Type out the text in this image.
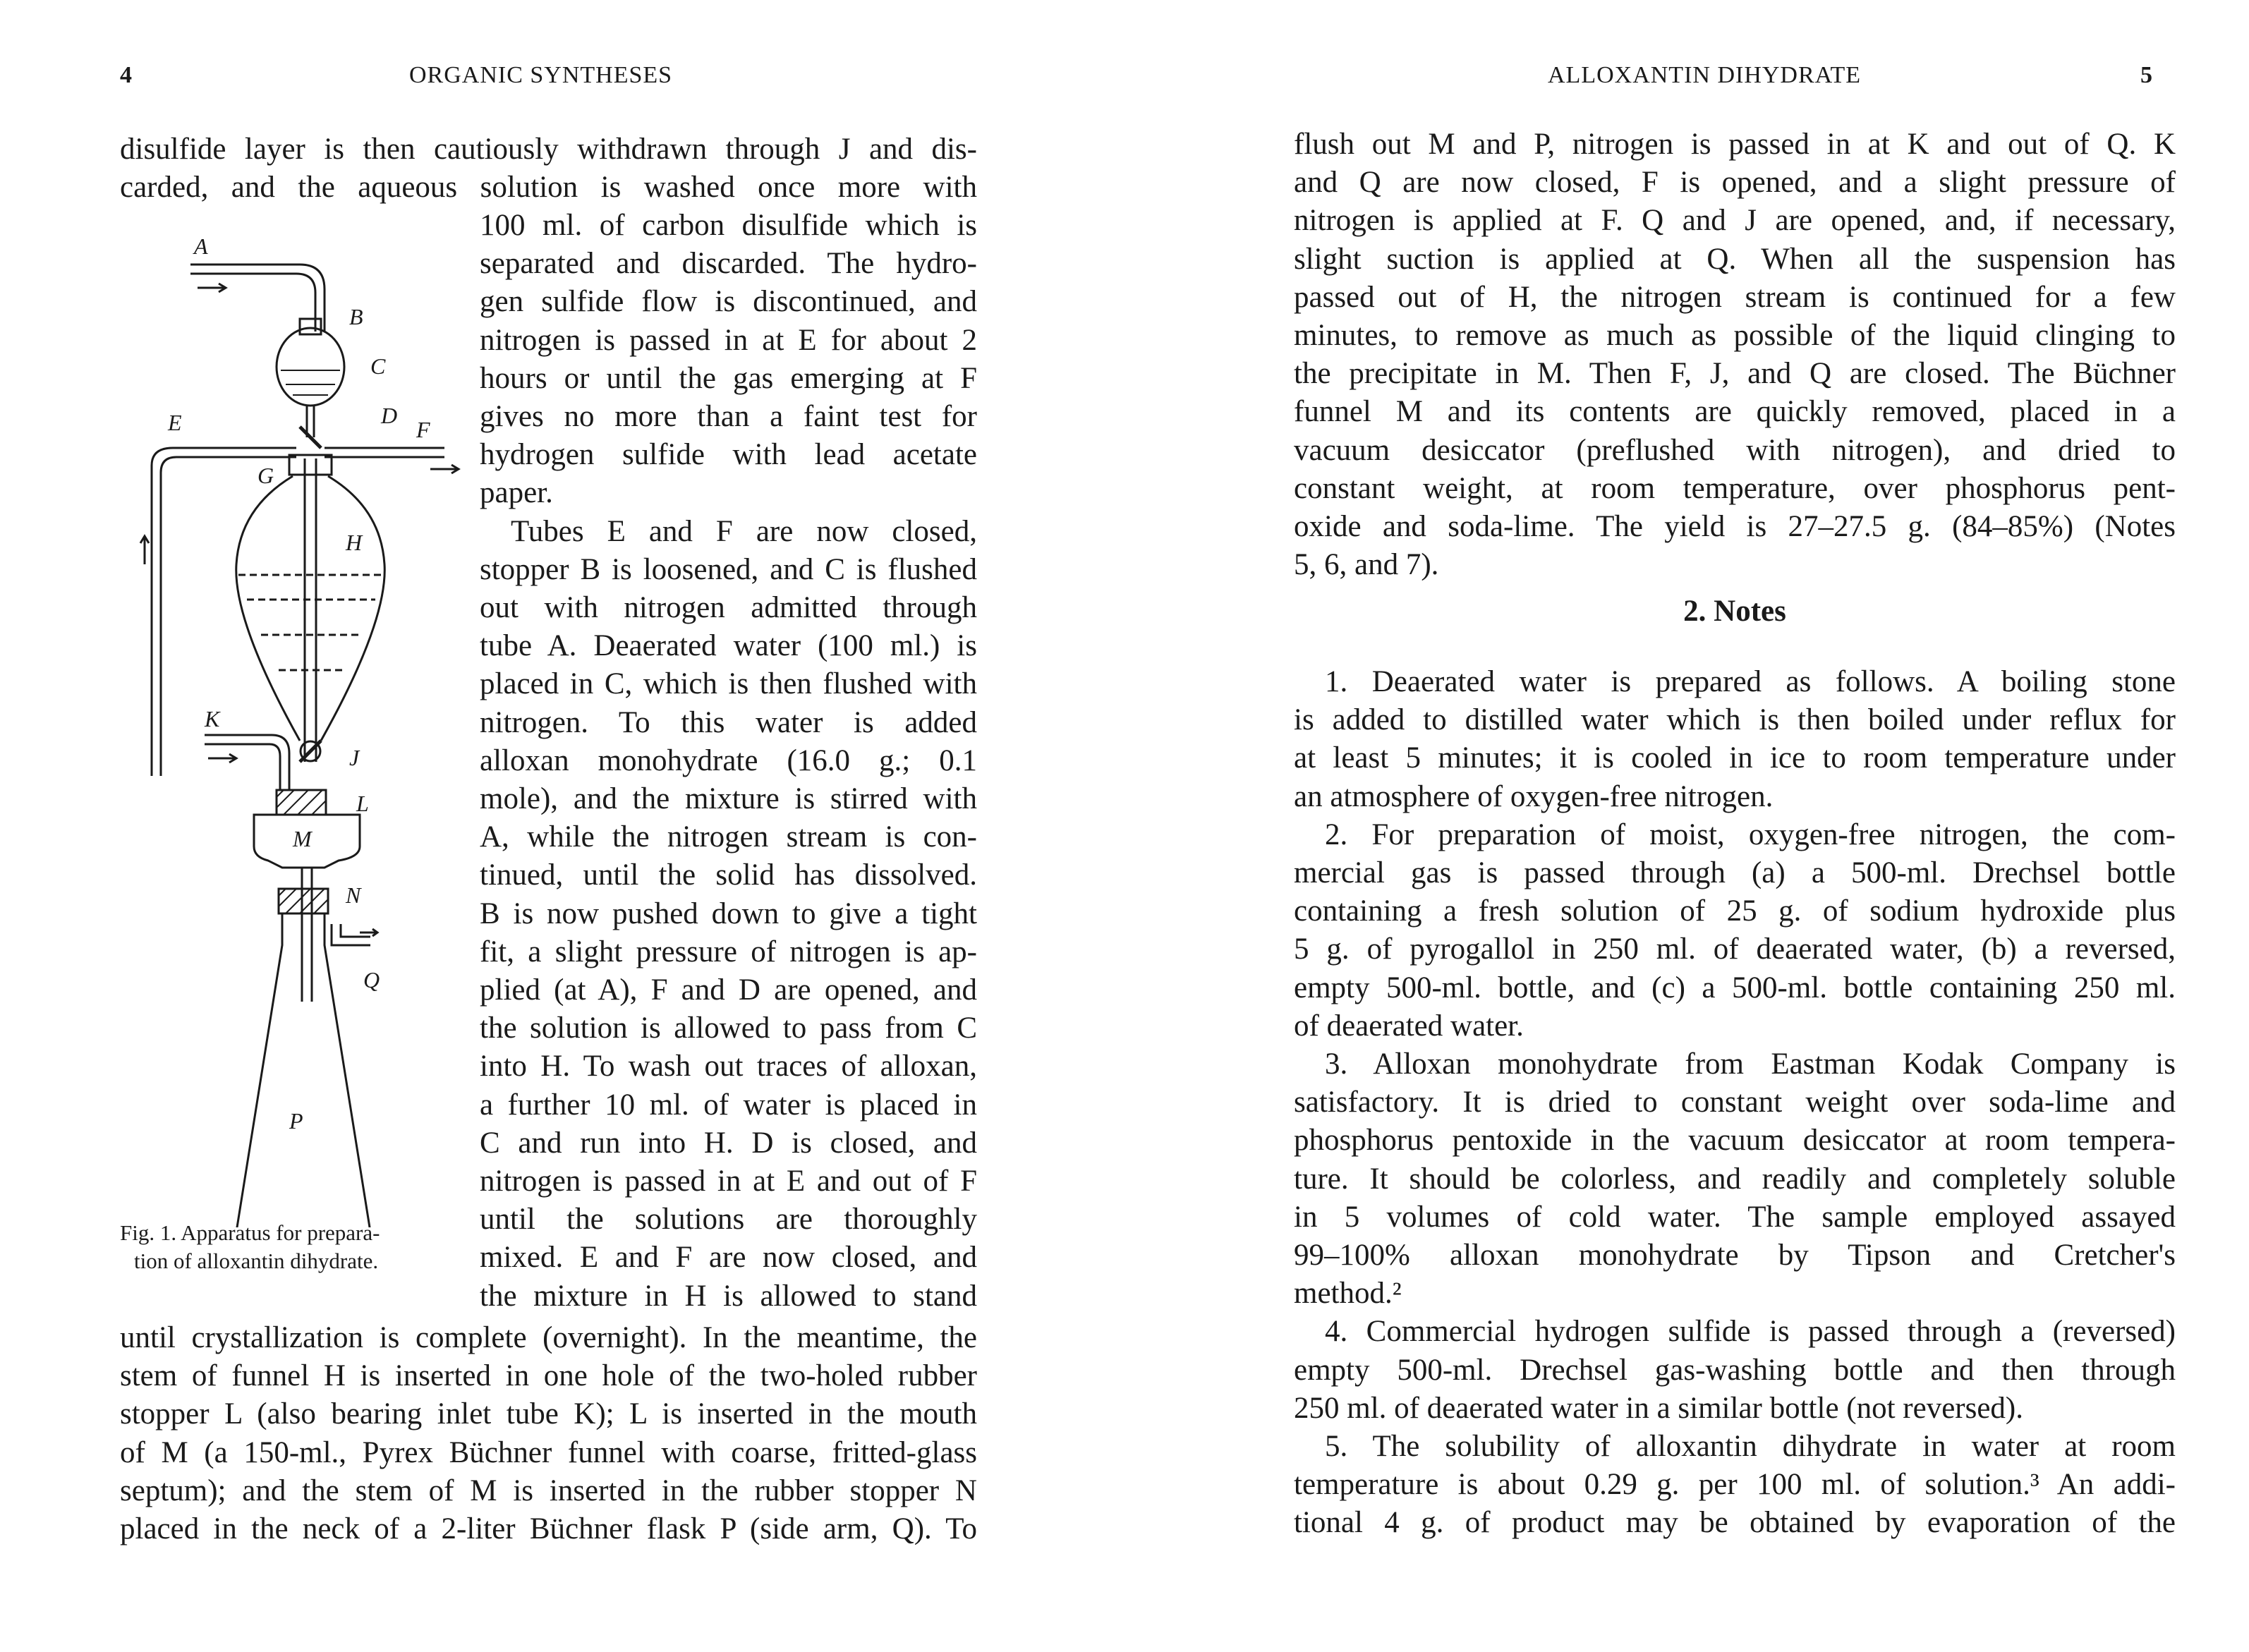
4	ORGANIC SYNTHESES
disulfide layer is then cautiously withdrawn through J and dis-
carded, and the aqueous solution is washed once more with
100 ml. of carbon disulfide which is
separated and discarded. The hydro-
gen sulfide flow is discontinued, and
nitrogen is passed in at E for about 2
hours or until the gas emerging at F
gives no more than a faint test for
hydrogen sulfide with lead acetate
paper.
Tubes E and F are now closed,
stopper B is loosened, and C is flushed
out with nitrogen admitted through
tube A. Deaerated water (100 ml.) is
placed in C, which is then flushed with
nitrogen. To this water is added
alloxan monohydrate (16.0 g.; 0.1
mole), and the mixture is stirred with
A, while the nitrogen stream is con-
tinued, until the solid has dissolved.
B is now pushed down to give a tight
fit, a slight pressure of nitrogen is ap-
plied (at A), F and D are opened, and
the solution is allowed to pass from C
into H. To wash out traces of alloxan,
a further 10 ml. of water is placed in
C and run into H. D is closed, and
nitrogen is passed in at E and out of F
until the solutions are thoroughly
mixed. E and F are now closed, and
the mixture in H is allowed to stand
until crystallization is complete (overnight). In the meantime, the
stem of funnel H is inserted in one hole of the two-holed rubber
stopper L (also bearing inlet tube K); L is inserted in the mouth
of M (a 150-ml., Pyrex Büchner funnel with coarse, fritted-glass
septum); and the stem of M is inserted in the rubber stopper N
placed in the neck of a 2-liter Büchner flask P (side arm, Q). To
A
B
C
D
E	F
G
H
J
K
L
M
N
P
Q
Fig. 1. Apparatus for prepara-
tion of alloxantin dihydrate.
ALLOXANTIN DIHYDRATE	5
flush out M and P, nitrogen is passed in at K and out of Q. K
and Q are now closed, F is opened, and a slight pressure of
nitrogen is applied at F. Q and J are opened, and, if necessary,
slight suction is applied at Q. When all the suspension has
passed out of H, the nitrogen stream is continued for a few
minutes, to remove as much as possible of the liquid clinging to
the precipitate in M. Then F, J, and Q are closed. The Büchner
funnel M and its contents are quickly removed, placed in a
vacuum desiccator (preflushed with nitrogen), and dried to
constant weight, at room temperature, over phosphorus pent-
oxide and soda-lime. The yield is 27–27.5 g. (84–85%) (Notes
5, 6, and 7).
2. Notes
1. Deaerated water is prepared as follows. A boiling stone
is added to distilled water which is then boiled under reflux for
at least 5 minutes; it is cooled in ice to room temperature under
an atmosphere of oxygen-free nitrogen.
2. For preparation of moist, oxygen-free nitrogen, the com-
mercial gas is passed through (a) a 500-ml. Drechsel bottle
containing a fresh solution of 25 g. of sodium hydroxide plus
5 g. of pyrogallol in 250 ml. of deaerated water, (b) a reversed,
empty 500-ml. bottle, and (c) a 500-ml. bottle containing 250 ml.
of deaerated water.
3. Alloxan monohydrate from Eastman Kodak Company is
satisfactory. It is dried to constant weight over soda-lime and
phosphorus pentoxide in the vacuum desiccator at room tempera-
ture. It should be colorless, and readily and completely soluble
in 5 volumes of cold water. The sample employed assayed
99–100% alloxan monohydrate by Tipson and Cretcher's
method.²
4. Commercial hydrogen sulfide is passed through a (reversed)
empty 500-ml. Drechsel gas-washing bottle and then through
250 ml. of deaerated water in a similar bottle (not reversed).
5. The solubility of alloxantin dihydrate in water at room
temperature is about 0.29 g. per 100 ml. of solution.³ An addi-
tional 4 g. of product may be obtained by evaporation of the
